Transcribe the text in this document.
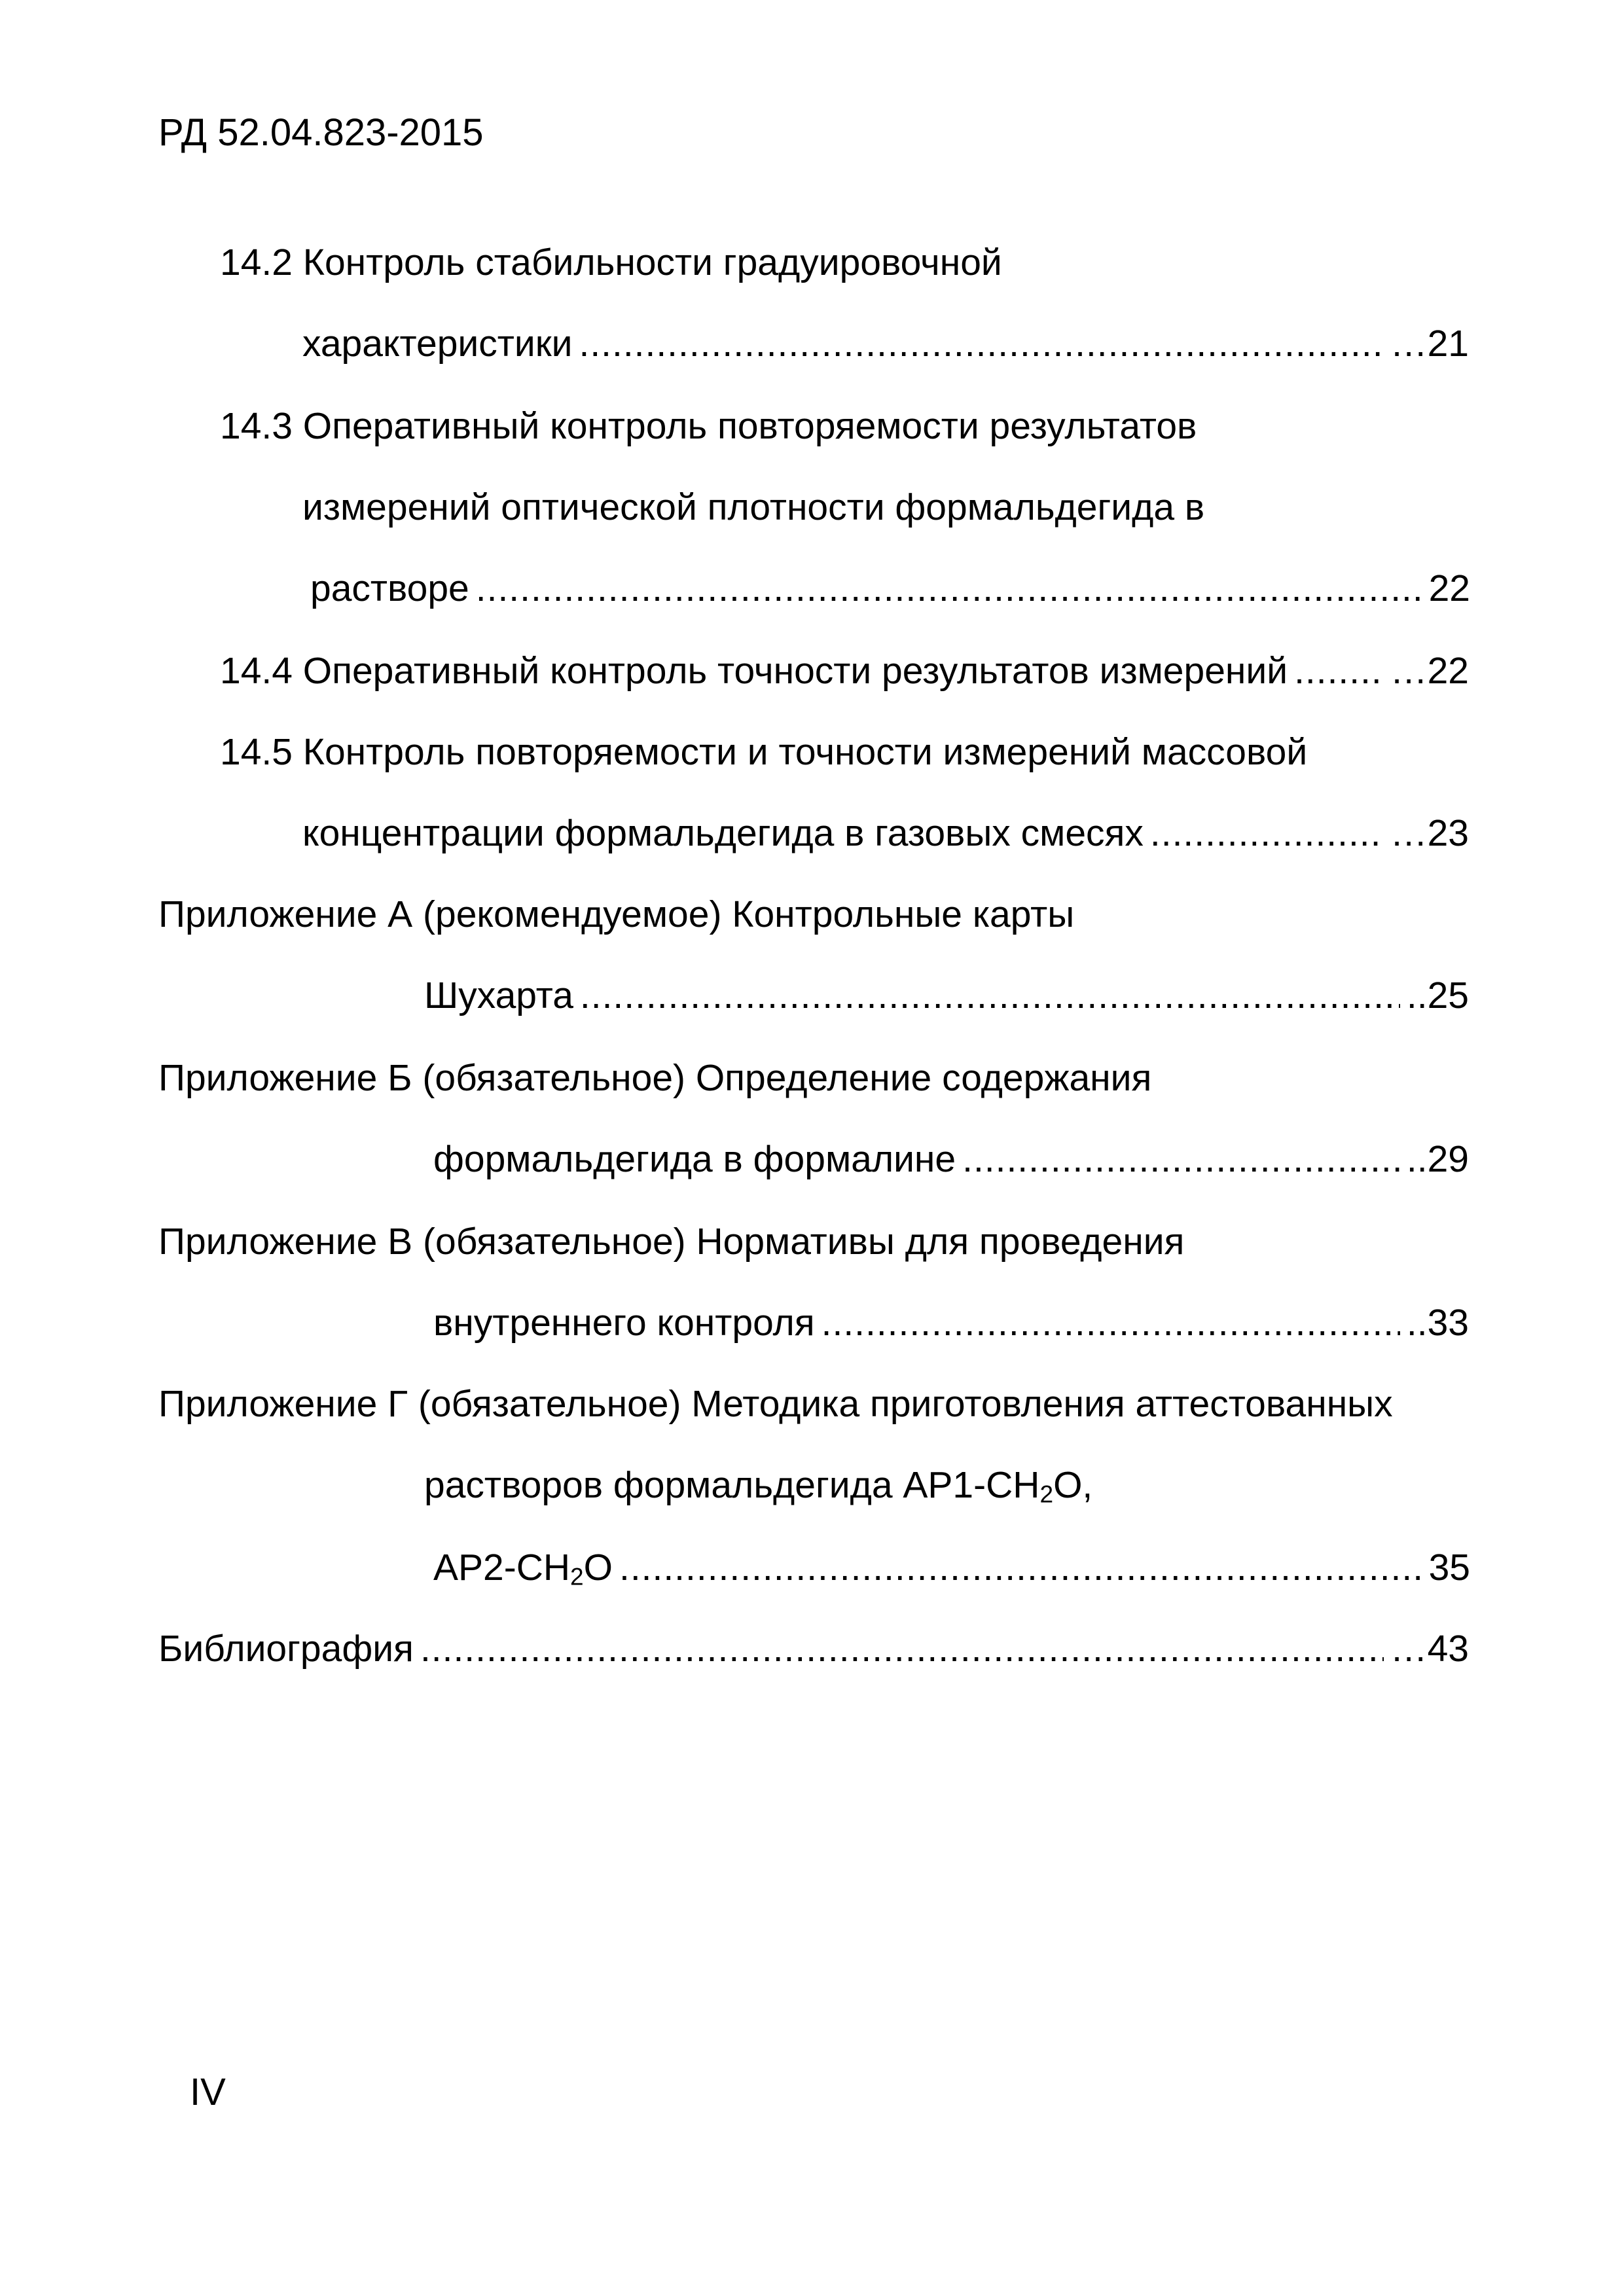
РД 52.04.823-2015
14.2 Контроль стабильности градуировочной
характеристики .....	…21
14.3 Оперативный контроль повторяемости результатов
измерений оптической плотности формальдегида в
растворе .....	22
14.4 Оперативный контроль точности результатов измерений .....	…22
14.5 Контроль повторяемости и точности измерений массовой
концентрации формальдегида в газовых смесях .....	…23
Приложение А (рекомендуемое) Контрольные карты
Шухарта .....	..25
Приложение Б (обязательное) Определение содержания
формальдегида в формалине .....	..29
Приложение В (обязательное) Нормативы для проведения
внутреннего контроля .....	..33
Приложение Г (обязательное) Методика приготовления аттестованных
растворов формальдегида $АР1-СН_2О$,
$АР2-СН_2О$ .....	35
Библиография .....	…43
IV
